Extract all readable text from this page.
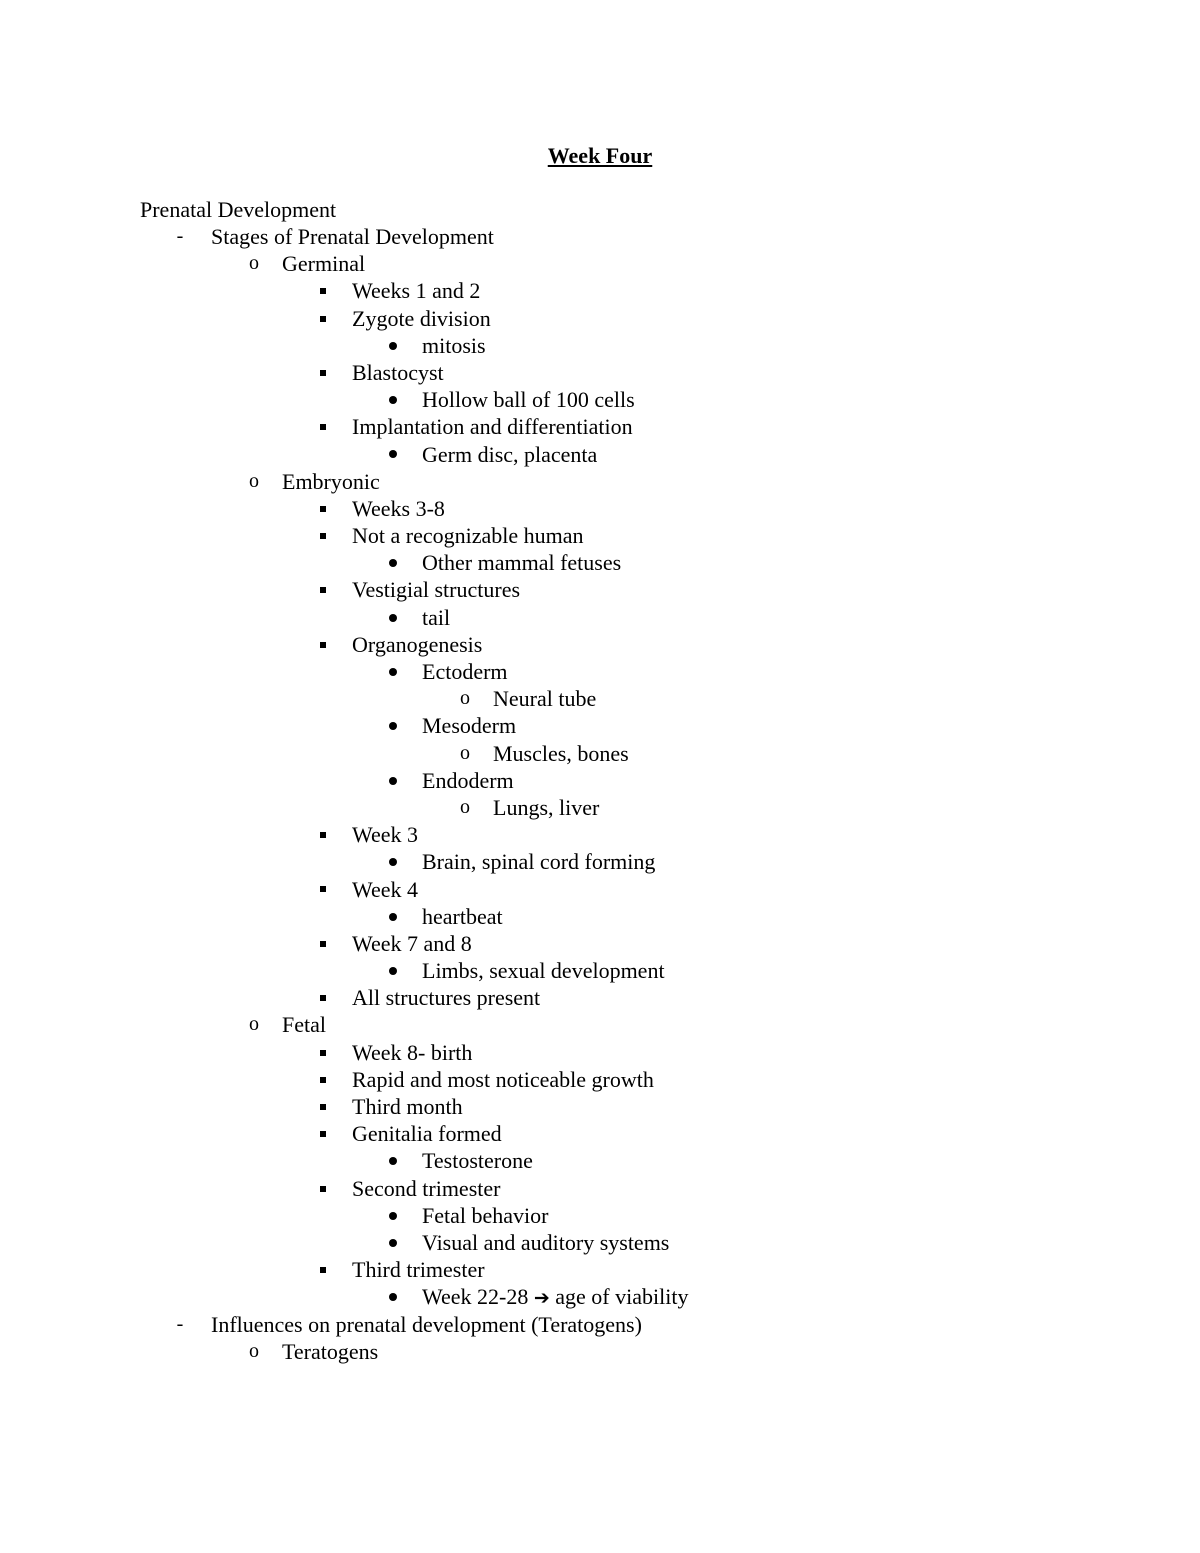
Week Four
Prenatal Development
-	Stages of Prenatal Development
o Germinal
Weeks 1 and 2
Zygote division
mitosis
Blastocyst
Hollow ball of 100 cells
Implantation and differentiation
Germ disc, placenta
o Embryonic
Weeks 3-8
Not a recognizable human
Other mammal fetuses
Vestigial structures
tail
Organogenesis
Ectoderm
o Neural tube
Mesoderm
o Muscles, bones
Endoderm
o Lungs, liver
Week 3
Brain, spinal cord forming
Week 4
heartbeat
Week 7 and 8
Limbs, sexual development
All structures present
o Fetal
Week 8- birth
Rapid and most noticeable growth
Third month
Genitalia formed
Testosterone
Second trimester
Fetal behavior
Visual and auditory systems
Third trimester
Week 22-28 ➔ age of viability
-	Influences on prenatal development (Teratogens)
o Teratogens
